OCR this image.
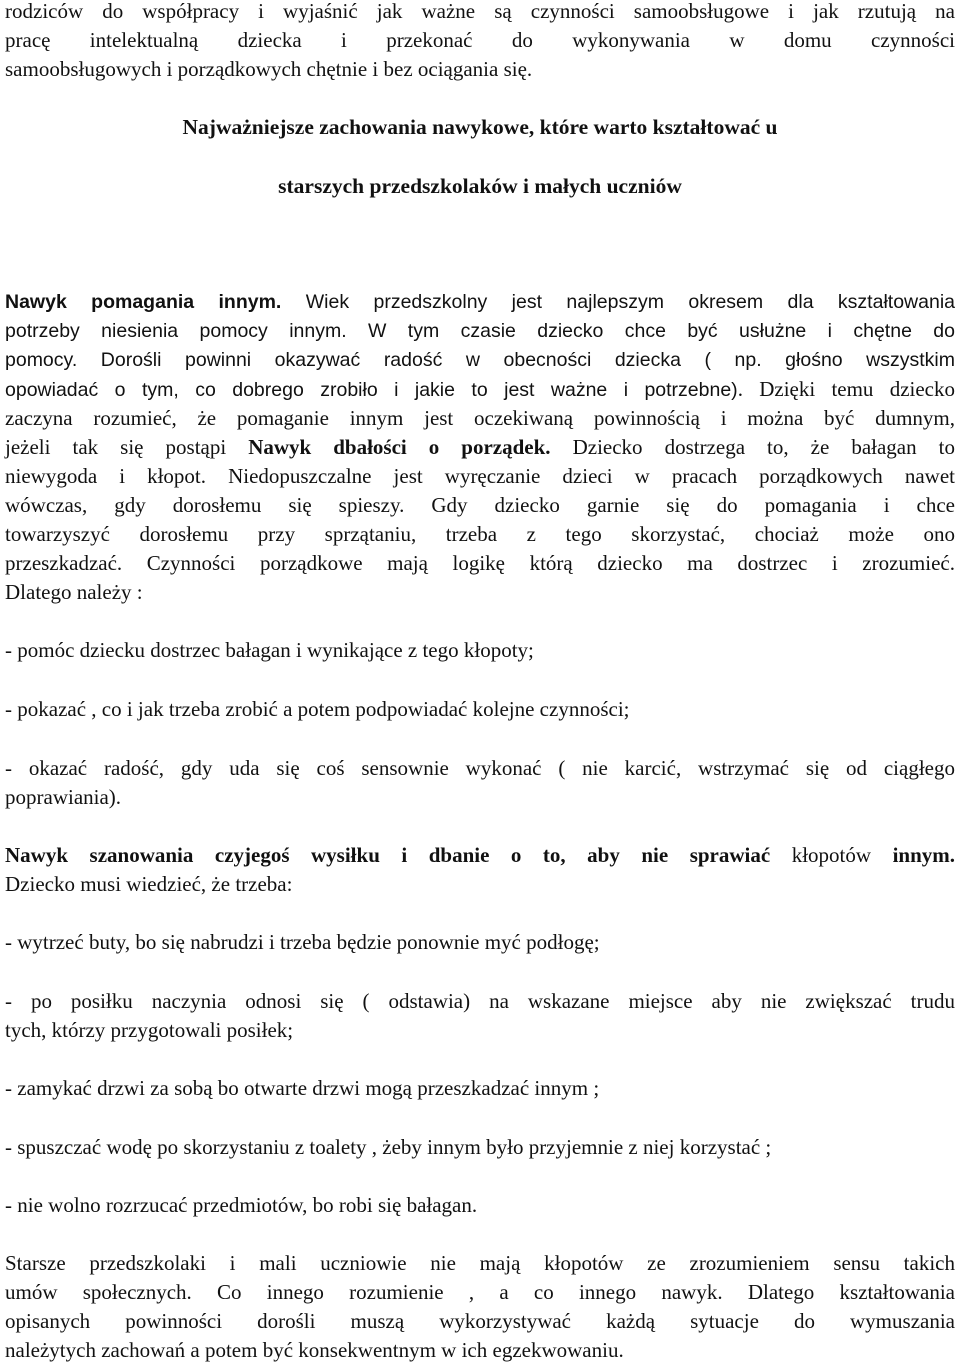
rodziców do współpracy i wyjaśnić jak ważne są czynności samoobsługowe i jak rzutują na
pracę intelektualną dziecka i przekonać do wykonywania w domu czynności
samoobsługowych i porządkowych chętnie i bez ociągania się.
Najważniejsze zachowania nawykowe, które warto kształtować u
starszych przedszkolaków i małych uczniów
Nawyk pomagania innym. Wiek przedszkolny jest najlepszym okresem dla kształtowania
potrzeby niesienia pomocy innym. W tym czasie dziecko chce być usłużne i chętne do
pomocy. Dorośli powinni okazywać radość w obecności dziecka ( np. głośno wszystkim
opowiadać o tym, co dobrego zrobiło i jakie to jest ważne i potrzebne). Dzięki temu dziecko
zaczyna rozumieć, że pomaganie innym jest oczekiwaną powinnością i można być dumnym,
jeżeli tak się postąpi Nawyk dbałości o porządek. Dziecko dostrzega to, że bałagan to
niewygoda i kłopot. Niedopuszczalne jest wyręczanie dzieci w pracach porządkowych nawet
wówczas, gdy dorosłemu się spieszy. Gdy dziecko garnie się do pomagania i chce
towarzyszyć dorosłemu przy sprzątaniu, trzeba z tego skorzystać, chociaż może ono
przeszkadzać. Czynności porządkowe mają logikę którą dziecko ma dostrzec i zrozumieć.
Dlatego należy :
- pomóc dziecku dostrzec bałagan i wynikające z tego kłopoty;
- pokazać , co i jak trzeba zrobić a potem podpowiadać kolejne czynności;
- okazać radość, gdy uda się coś sensownie wykonać ( nie karcić, wstrzymać się od ciągłego
poprawiania).
Nawyk szanowania czyjegoś wysiłku i dbanie o to, aby nie sprawiać kłopotów innym.
Dziecko musi wiedzieć, że trzeba:
- wytrzeć buty, bo się nabrudzi i trzeba będzie ponownie myć podłogę;
- po posiłku naczynia odnosi się ( odstawia) na wskazane miejsce aby nie zwiększać trudu
tych, którzy przygotowali posiłek;
- zamykać drzwi za sobą bo otwarte drzwi mogą przeszkadzać innym ;
- spuszczać wodę po skorzystaniu z toalety , żeby innym było przyjemnie z niej korzystać ;
- nie wolno rozrzucać przedmiotów, bo robi się bałagan.
Starsze przedszkolaki i mali uczniowie nie mają kłopotów ze zrozumieniem sensu takich
umów społecznych. Co innego rozumienie , a co innego nawyk. Dlatego kształtowania
opisanych powinności dorośli muszą wykorzystywać każdą sytuacje do wymuszania
należytych zachowań a potem być konsekwentnym w ich egzekwowaniu.
